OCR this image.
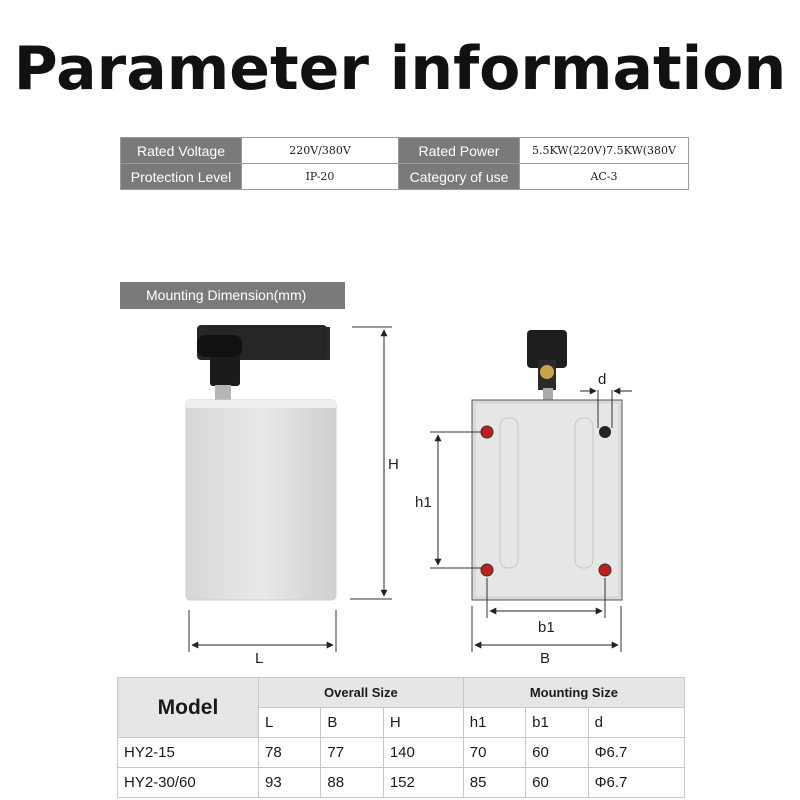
Parameter information
Rated Voltage	220V/380V	Rated Power	5.5KW(220V)7.5KW(380V
Protection Level	IP-20	Category of use	AC-3
Mounting Dimension(mm)
H
L
d
h1
b1
B
Model	Overall Size			Mounting Size		
	L	B	H	h1	b1	d
HY2-15	78	77	140	70	60	Φ6.7
HY2-30/60	93	88	152	85	60	Φ6.7
